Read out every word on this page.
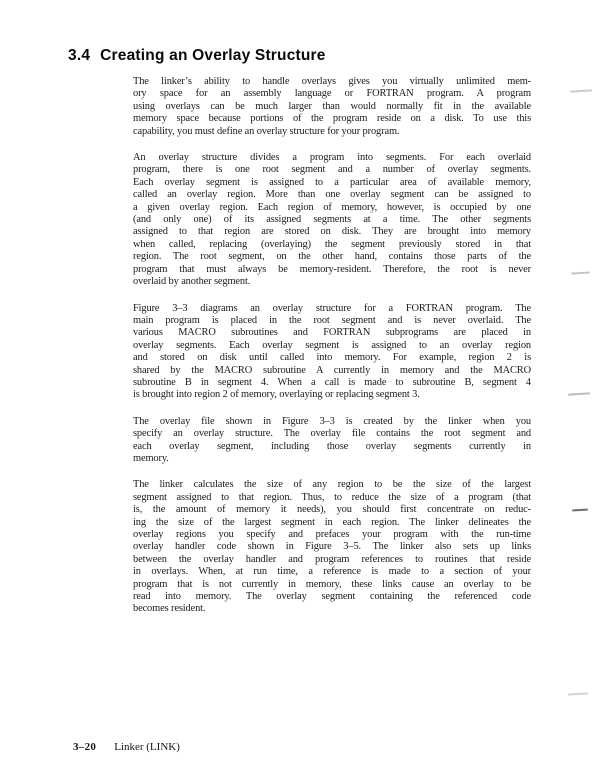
3.4 Creating an Overlay Structure
The linker’s ability to handle overlays gives you virtually unlimited mem-
ory space for an assembly language or FORTRAN program. A program
using overlays can be much larger than would normally fit in the available
memory space because portions of the program reside on a disk. To use this
capability, you must define an overlay structure for your program.
An overlay structure divides a program into segments. For each overlaid
program, there is one root segment and a number of overlay segments.
Each overlay segment is assigned to a particular area of available memory,
called an overlay region. More than one overlay segment can be assigned to
a given overlay region. Each region of memory, however, is occupied by one
(and only one) of its assigned segments at a time. The other segments
assigned to that region are stored on disk. They are brought into memory
when called, replacing (overlaying) the segment previously stored in that
region. The root segment, on the other hand, contains those parts of the
program that must always be memory-resident. Therefore, the root is never
overlaid by another segment.
Figure 3–3 diagrams an overlay structure for a FORTRAN program. The
main program is placed in the root segment and is never overlaid. The
various MACRO subroutines and FORTRAN subprograms are placed in
overlay segments. Each overlay segment is assigned to an overlay region
and stored on disk until called into memory. For example, region 2 is
shared by the MACRO subroutine A currently in memory and the MACRO
subroutine B in segment 4. When a call is made to subroutine B, segment 4
is brought into region 2 of memory, overlaying or replacing segment 3.
The overlay file shown in Figure 3–3 is created by the linker when you
specify an overlay structure. The overlay file contains the root segment and
each overlay segment, including those overlay segments currently in
memory.
The linker calculates the size of any region to be the size of the largest
segment assigned to that region. Thus, to reduce the size of a program (that
is, the amount of memory it needs), you should first concentrate on reduc-
ing the size of the largest segment in each region. The linker delineates the
overlay regions you specify and prefaces your program with the run-time
overlay handler code shown in Figure 3–5. The linker also sets up links
between the overlay handler and program references to routines that reside
in overlays. When, at run time, a reference is made to a section of your
program that is not currently in memory, these links cause an overlay to be
read into memory. The overlay segment containing the referenced code
becomes resident.
3–20 Linker (LINK)
